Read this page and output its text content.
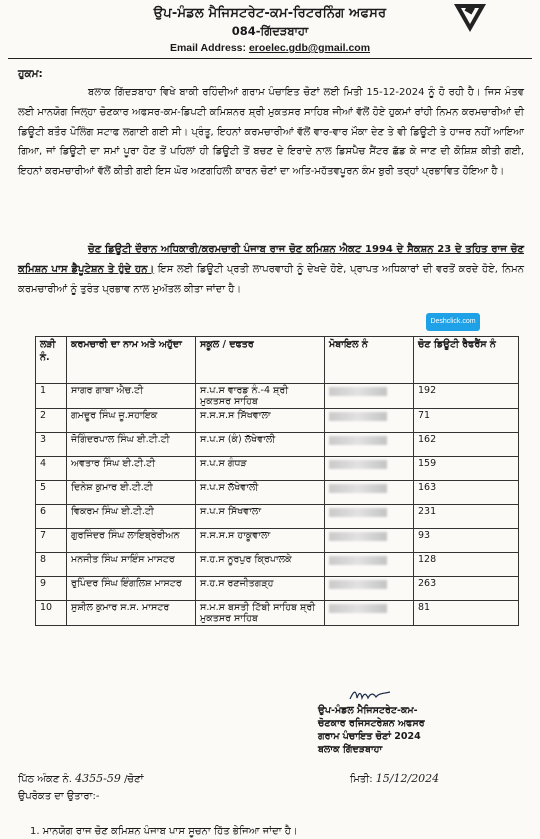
ਉਪ-ਮੰਡਲ ਮੈਜਿਸਟਰੇਟ-ਕਮ-ਰਿਟਰਨਿੰਗ ਅਫਸਰ
084-ਗਿੱਦੜਬਾਹਾ
Email Address: eroelec.gdb@gmail.com
ਹੁਕਮ:
ਬਲਾਕ ਗਿੱਦੜਬਾਹਾ ਵਿਖੇ ਬਾਕੀ ਰਹਿੰਦੀਆਂ ਗਰਾਮ ਪੰਚਾਇਤ ਚੋਣਾਂ ਲਈ ਮਿਤੀ 15-12-2024 ਨੂੰ ਹੋ ਰਹੀ ਹੈ। ਜਿਸ ਮੰਤਵ ਲਈ ਮਾਨਯੋਗ ਜਿਲ੍ਹਾ ਚੋਣਕਾਰ ਅਫਸਰ-ਕਮ-ਡਿਪਟੀ ਕਮਿਸ਼ਨਰ ਸ਼੍ਰੀ ਮੁਕਤਸਰ ਸਾਹਿਬ ਜੀਆਂ ਵੱਲੋਂ ਹੋਏ ਹੁਕਮਾਂ ਰਾਂਹੀ ਨਿਮਨ ਕਰਮਚਾਰੀਆਂ ਦੀ ਡਿਊਟੀ ਬਤੌਰ ਪੋਲਿੰਗ ਸਟਾਫ ਲਗਾਈ ਗਈ ਸੀ। ਪ੍ਰੰਤੂ, ਇਹਨਾਂ ਕਰਮਚਾਰੀਆਂ ਵੱਲੋਂ ਵਾਰ-ਵਾਰ ਮੌਕਾ ਦੇਣ ਤੇ ਵੀ ਡਿਊਟੀ ਤੇ ਹਾਜਰ ਨਹੀਂ ਆਇਆ ਗਿਆ, ਜਾਂ ਡਿਊਟੀ ਦਾ ਸਮਾਂ ਪੂਰਾ ਹੋਣ ਤੋਂ ਪਹਿਲਾਂ ਹੀ ਡਿਊਟੀ ਤੋਂ ਬਚਣ ਦੇ ਇਰਾਦੇ ਨਾਲ ਡਿਸਪੈਚ ਸੈਂਟਰ ਛੱਡ ਕੇ ਜਾਣ ਦੀ ਕੋਸ਼ਿਸ਼ ਕੀਤੀ ਗਈ, ਇਹਨਾਂ ਕਰਮਚਾਰੀਆਂ ਵੱਲੋਂ ਕੀਤੀ ਗਈ ਇਸ ਘੋਰ ਅਣਗਹਿਲੀ ਕਾਰਨ ਚੋਣਾਂ ਦਾ ਅਤਿ-ਮਹੱਤਵਪੂਰਨ ਕੰਮ ਬੁਰੀ ਤਰ੍ਹਾਂ ਪ੍ਰਭਾਵਿਤ ਹੋਇਆ ਹੈ।
ਚੋਣ ਡਿਊਟੀ ਦੌਰਾਨ ਅਧਿਕਾਰੀ/ਕਰਮਚਾਰੀ ਪੰਜਾਬ ਰਾਜ ਚੋਣ ਕਮਿਸ਼ਨ ਐਕਟ 1994 ਦੇ ਸੈਕਸ਼ਨ 23 ਦੇ ਤਹਿਤ ਰਾਜ ਚੋਣ ਕਮਿਸ਼ਨ ਪਾਸ ਡੈਪੂਟੇਸ਼ਨ ਤੇ ਹੁੰਦੇ ਹਨ। ਇਸ ਲਈ ਡਿਊਟੀ ਪ੍ਰਤੀ ਲਾਪਰਵਾਹੀ ਨੂੰ ਦੇਖਦੇ ਹੋਏ, ਪ੍ਰਾਪਤ ਅਧਿਕਾਰਾਂ ਦੀ ਵਰਤੋਂ ਕਰਦੇ ਹੋਏ, ਨਿਮਨ ਕਰਮਚਾਰੀਆਂ ਨੂੰ ਤੁਰੰਤ ਪ੍ਰਭਾਵ ਨਾਲ ਮੁਅੱਤਲ ਕੀਤਾ ਜਾਂਦਾ ਹੈ।
Deshclick.com
ਲੜੀ ਨੰ.	ਕਰਮਚਾਰੀ ਦਾ ਨਾਮ ਅਤੇ ਅਹੁੱਦਾ	ਸਕੂਲ / ਦਫਤਰ	ਮੋਬਾਇਲ ਨੰ	ਚੋਣ ਡਿਊਟੀ ਰੈਫਰੈਂਸ ਨੰ
1	ਸਾਗਰ ਗਾਬਾ ਐਚ.ਟੀ	ਸ.ਪ.ਸ ਵਾਰਡ ਨੰ.-4 ਸ਼੍ਰੀ ਮੁਕਤਸਰ ਸਾਹਿਬ		192
2	ਗਮਦੂਰ ਸਿੰਘ ਜੂ.ਸਹਾਇਕ	ਸ.ਸ.ਸ.ਸ ਸਿੱਖਵਾਲਾ		71
3	ਜੋਗਿੰਦਰਪਾਲ ਸਿੰਘ ਈ.ਟੀ.ਟੀ	ਸ.ਪ.ਸ (ਕੰ) ਲੱਖੇਵਾਲੀ		162
4	ਅਵਤਾਰ ਸਿੰਘ ਈ.ਟੀ.ਟੀ	ਸ.ਪ.ਸ ਗੰਧੜ		159
5	ਦਿਨੇਸ਼ ਕੁਮਾਰ ਈ.ਟੀ.ਟੀ	ਸ.ਪ.ਸ ਲੱਖੇਵਾਲੀ		163
6	ਵਿਕਰਮ ਸਿੰਘ ਈ.ਟੀ.ਟੀ	ਸ.ਪ.ਸ ਸਿੱਖਵਾਲਾ		231
7	ਗੁਰਜਿੰਦਰ ਸਿੰਘ ਲਾਇਬ੍ਰੇਰੀਅਨ	ਸ.ਸ.ਸ.ਸ ਹਾਕੂਵਾਲਾ		93
8	ਮਨਜੀਤ ਸਿੰਘ ਸਾਇੰਸ ਮਾਸਟਰ	ਸ.ਹ.ਸ ਨੂਰਪੁਰ ਕ੍ਰਿਪਾਲਕੇ		128
9	ਰੁਪਿੰਦਰ ਸਿੰਘ ਇੰਗਲਿਸ਼ ਮਾਸਟਰ	ਸ.ਹ.ਸ ਰਣਜੀਤਗੜ੍ਹ		263
10	ਸੁਸ਼ੀਲ ਕੁਮਾਰ ਸ.ਸ. ਮਾਸਟਰ	ਸ.ਮ.ਸ ਬਸਤੀ ਟਿੱਬੀ ਸਾਹਿਬ ਸ਼੍ਰੀ ਮੁਕਤਸਰ ਸਾਹਿਬ		81
ਉਪ-ਮੰਡਲ ਮੈਜਿਸਟਰੇਟ-ਕਮ-
ਚੋਣਕਾਰ ਰਜਿਸਟਰੇਸ਼ਨ ਅਫਸਰ
ਗਰਾਮ ਪੰਚਾਇਤ ਚੋਣਾਂ 2024
ਬਲਾਕ ਗਿੱਦੜਬਾਹਾ
ਪਿੱਠ ਅੰਕਣ ਨੰ. 4355-59 /ਚੋਣਾਂ	ਮਿਤੀ: 15/12/2024
ਉਪਰੋਕਤ ਦਾ ਉਤਾਰਾ:-
1. ਮਾਨਯੋਗ ਰਾਜ ਚੋਣ ਕਮਿਸ਼ਨ ਪੰਜਾਬ ਪਾਸ ਸੂਚਨਾ ਹਿੱਤ ਭੇਜਿਆ ਜਾਂਦਾ ਹੈ।
